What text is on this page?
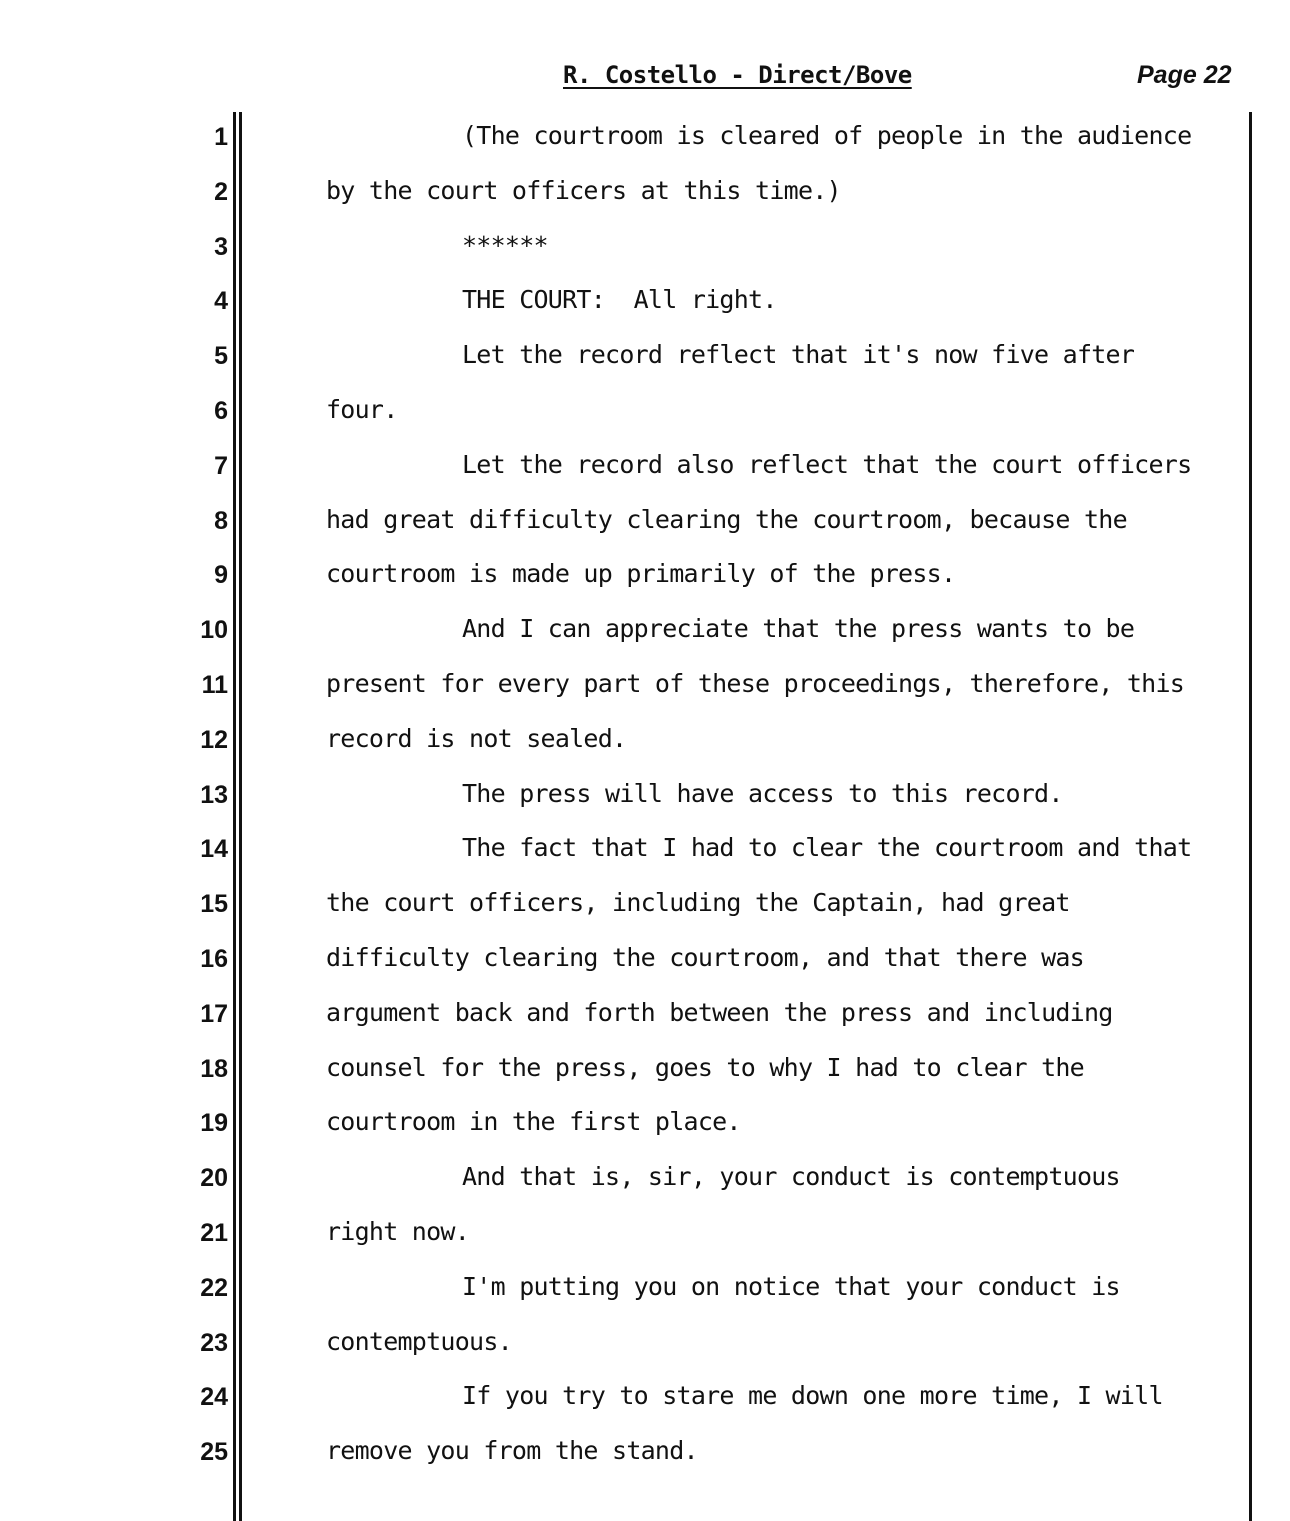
R. Costello - Direct/Bove	Page 22
1	(The courtroom is cleared of people in the audience
2	by the court officers at this time.)
3	******
4	THE COURT:  All right.
5	Let the record reflect that it's now five after
6	four.
7	Let the record also reflect that the court officers
8	had great difficulty clearing the courtroom, because the
9	courtroom is made up primarily of the press.
10	And I can appreciate that the press wants to be
11	present for every part of these proceedings, therefore, this
12	record is not sealed.
13	The press will have access to this record.
14	The fact that I had to clear the courtroom and that
15	the court officers, including the Captain, had great
16	difficulty clearing the courtroom, and that there was
17	argument back and forth between the press and including
18	counsel for the press, goes to why I had to clear the
19	courtroom in the first place.
20	And that is, sir, your conduct is contemptuous
21	right now.
22	I'm putting you on notice that your conduct is
23	contemptuous.
24	If you try to stare me down one more time, I will
25	remove you from the stand.
